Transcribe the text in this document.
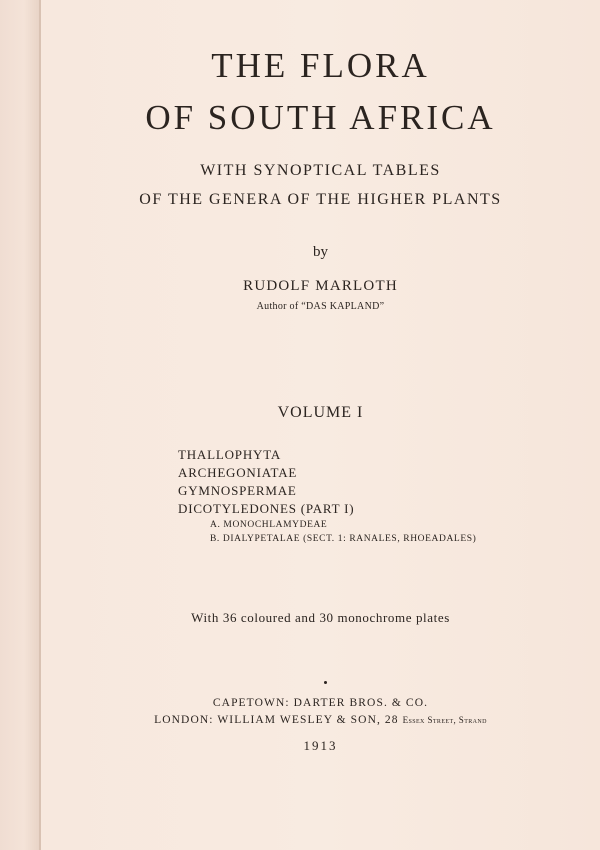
THE FLORA
OF SOUTH AFRICA
WITH SYNOPTICAL TABLES
OF THE GENERA OF THE HIGHER PLANTS
by
RUDOLF MARLOTH
Author of “DAS KAPLAND”
VOLUME I
THALLOPHYTA
ARCHEGONIATAE
GYMNOSPERMAE
DICOTYLEDONES (PART I)
A. MONOCHLAMYDEAE
B. DIALYPETALAE (SECT. 1: RANALES, RHOEADALES)
With 36 coloured and 30 monochrome plates
CAPETOWN: DARTER BROS. & CO.
LONDON: WILLIAM WESLEY & SON, 28 Essex Street, Strand
1913
